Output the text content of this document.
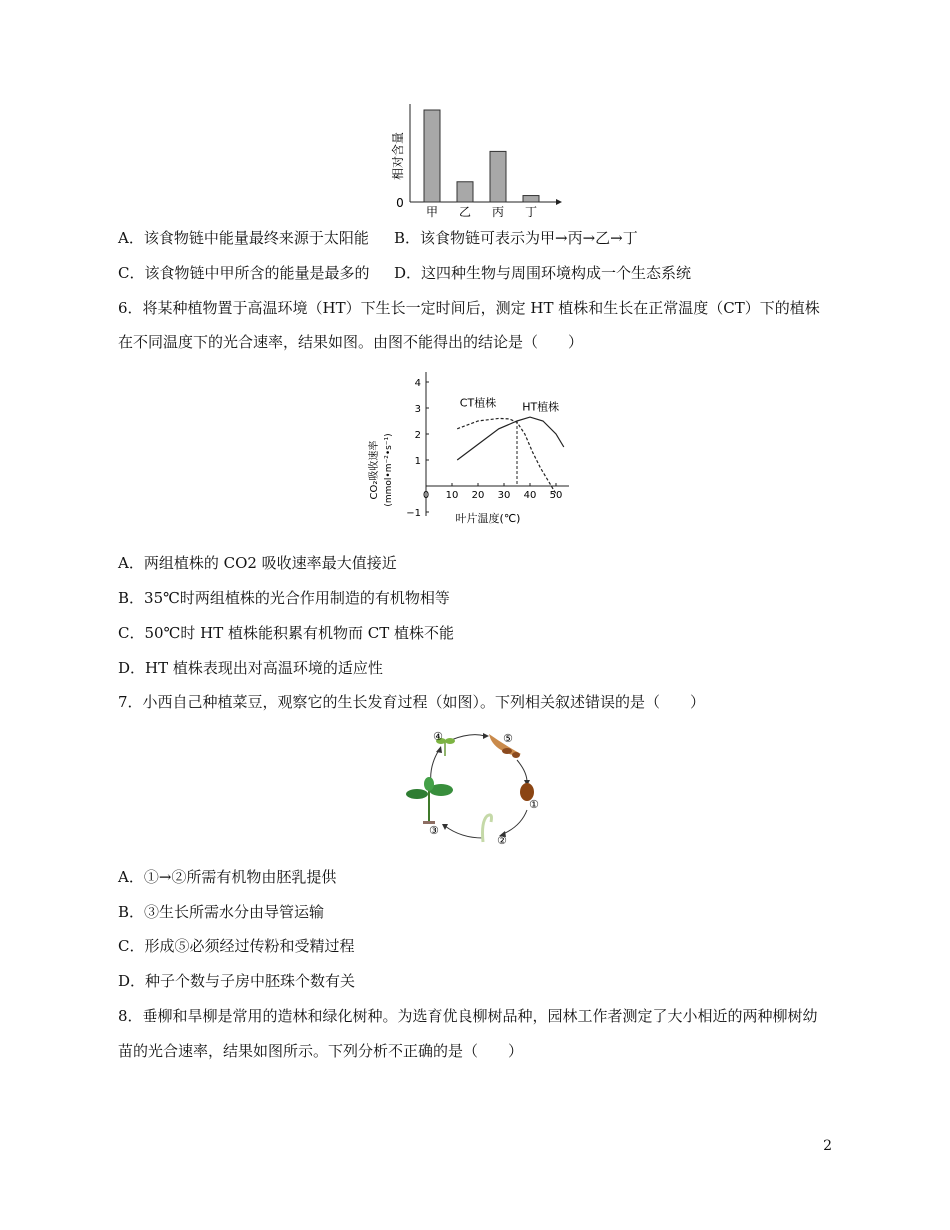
0
相对含量
甲 乙 丙 丁
A．该食物链中能量最终来源于太阳能 B．该食物链可表示为甲→丙→乙→丁
C．该食物链中甲所含的能量是最多的 D．这四种生物与周围环境构成一个生态系统
6．将某种植物置于高温环境（HT）下生长一定时间后，测定 HT 植株和生长在正常温度（CT）下的植株
在不同温度下的光合速率，结果如图。由图不能得出的结论是（　　）
0 10 20 30 40 50
−1
1
2
3
4
CT植株 HT植株
CO₂吸收速率 (mmol•m⁻²•s⁻¹)
叶片温度(℃)
A．两组植株的 CO2 吸收速率最大值接近
B．35℃时两组植株的光合作用制造的有机物相等
C．50℃时 HT 植株能积累有机物而 CT 植株不能
D．HT 植株表现出对高温环境的适应性
7．小西自己种植菜豆，观察它的生长发育过程（如图）。下列相关叙述错误的是（　　）
④	⑤
①
②
③
A．①→②所需有机物由胚乳提供
B．③生长所需水分由导管运输
C．形成⑤必须经过传粉和受精过程
D．种子个数与子房中胚珠个数有关
8．垂柳和旱柳是常用的造林和绿化树种。为选育优良柳树品种，园林工作者测定了大小相近的两种柳树幼
苗的光合速率，结果如图所示。下列分析不正确的是（　　）
2
